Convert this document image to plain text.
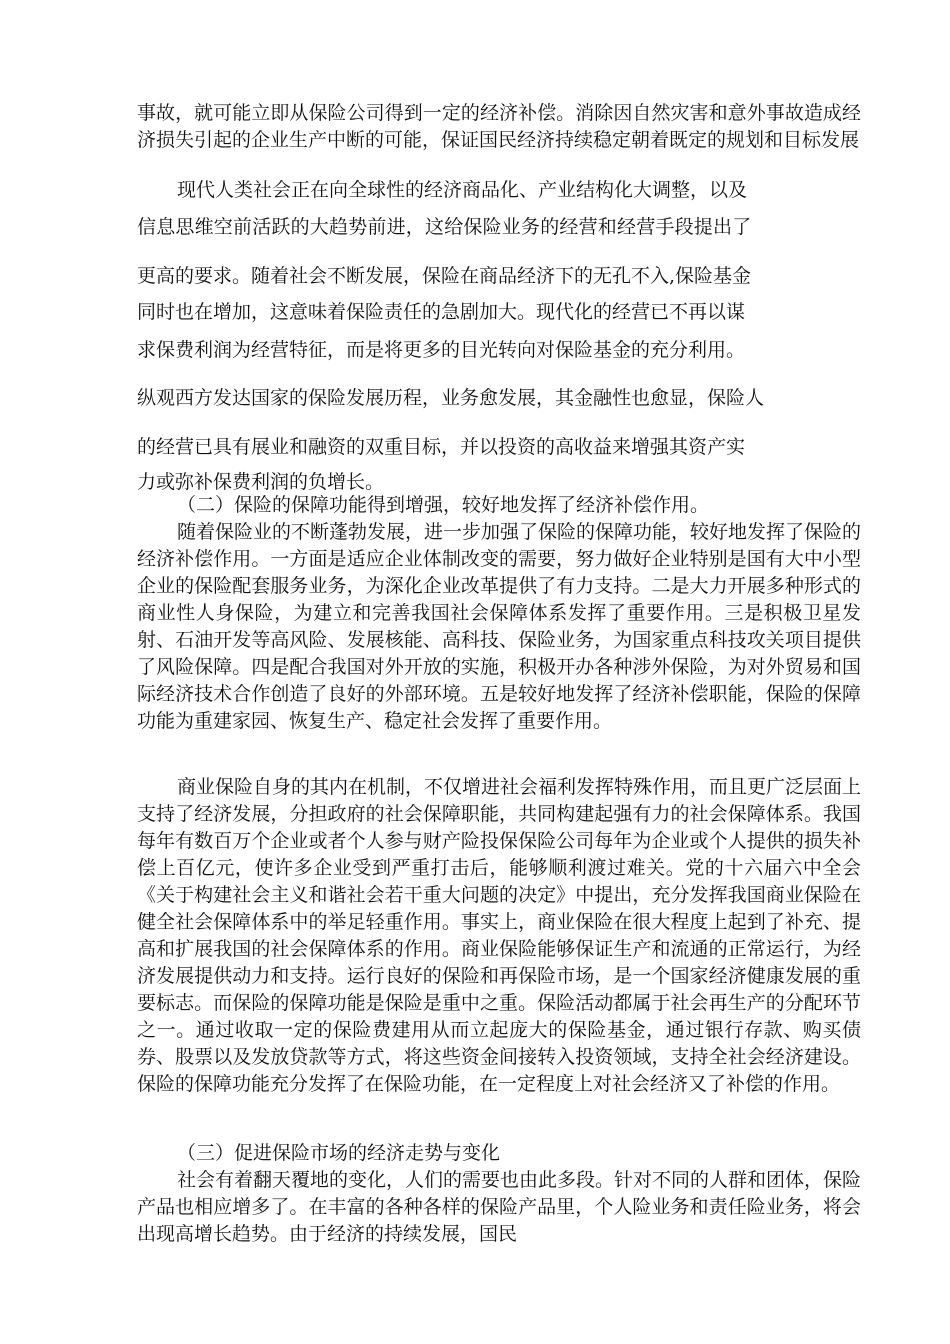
事故，就可能立即从保险公司得到一定的经济补偿。消除因自然灾害和意外事故造成经济损失引起的企业生产中断的可能，保证国民经济持续稳定朝着既定的规划和目标发展

现代人类社会正在向全球性的经济商品化、产业结构化大调整，以及

信息思维空前活跃的大趋势前进，这给保险业务的经营和经营手段提出了

更高的要求。随着社会不断发展，保险在商品经济下的无孔不入,保险基金

同时也在增加，这意味着保险责任的急剧加大。现代化的经营已不再以谋

求保费利润为经营特征，而是将更多的目光转向对保险基金的充分利用。

纵观西方发达国家的保险发展历程，业务愈发展，其金融性也愈显，保险人

的经营已具有展业和融资的双重目标，并以投资的高收益来增强其资产实

力或弥补保费利润的负增长。

（二）保险的保障功能得到增强，较好地发挥了经济补偿作用。

随着保险业的不断蓬勃发展，进一步加强了保险的保障功能，较好地发挥了保险的经济补偿作用。一方面是适应企业体制改变的需要，努力做好企业特别是国有大中小型企业的保险配套服务业务，为深化企业改革提供了有力支持。二是大力开展多种形式的商业性人身保险，为建立和完善我国社会保障体系发挥了重要作用。三是积极卫星发射、石油开发等高风险、发展核能、高科技、保险业务，为国家重点科技攻关项目提供了风险保障。四是配合我国对外开放的实施，积极开办各种涉外保险，为对外贸易和国际经济技术合作创造了良好的外部环境。五是较好地发挥了经济补偿职能，保险的保障功能为重建家园、恢复生产、稳定社会发挥了重要作用。

商业保险自身的其内在机制，不仅增进社会福利发挥特殊作用，而且更广泛层面上支持了经济发展，分担政府的社会保障职能，共同构建起强有力的社会保障体系。我国每年有数百万个企业或者个人参与财产险投保保险公司每年为企业或个人提供的损失补偿上百亿元，使许多企业受到严重打击后，能够顺利渡过难关。党的十六届六中全会《关于构建社会主义和谐社会若干重大问题的决定》中提出，充分发挥我国商业保险在健全社会保障体系中的举足轻重作用。事实上，商业保险在很大程度上起到了补充、提高和扩展我国的社会保障体系的作用。商业保险能够保证生产和流通的正常运行，为经济发展提供动力和支持。运行良好的保险和再保险市场，是一个国家经济健康发展的重要标志。而保险的保障功能是保险是重中之重。保险活动都属于社会再生产的分配环节之一。通过收取一定的保险费建用从而立起庞大的保险基金，通过银行存款、购买债券、股票以及发放贷款等方式，将这些资金间接转入投资领域，支持全社会经济建设。保险的保障功能充分发挥了在保险功能，在一定程度上对社会经济又了补偿的作用。

（三）促进保险市场的经济走势与变化

社会有着翻天覆地的变化，人们的需要也由此多段。针对不同的人群和团体，保险产品也相应增多了。在丰富的各种各样的保险产品里，个人险业务和责任险业务，将会出现高增长趋势。由于经济的持续发展，国民
